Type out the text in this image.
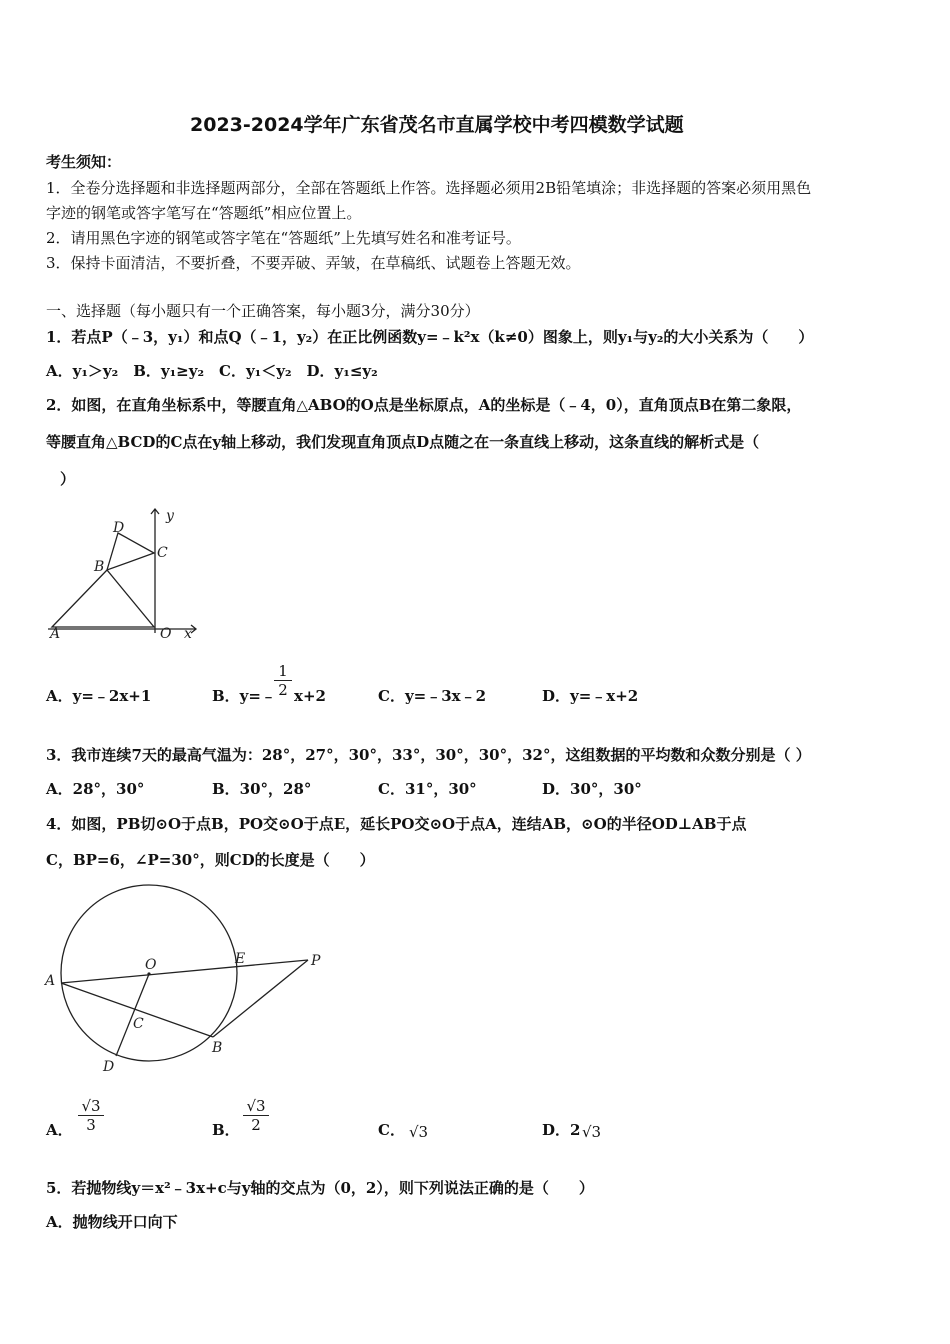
2023-2024学年广东省茂名市直属学校中考四模数学试题
考生须知：
1．全卷分选择题和非选择题两部分，全部在答题纸上作答。选择题必须用2B铅笔填涂；非选择题的答案必须用黑色
字迹的钢笔或答字笔写在“答题纸”相应位置上。
2．请用黑色字迹的钢笔或答字笔在“答题纸”上先填写姓名和准考证号。
3．保持卡面清洁，不要折叠，不要弄破、弄皱，在草稿纸、试题卷上答题无效。
一、选择题（每小题只有一个正确答案，每小题3分，满分30分）
1．若点P（﹣3，y₁）和点Q（﹣1，y₂）在正比例函数y=﹣k²x（k≠0）图象上，则y₁与y₂的大小关系为（　　）
A．y₁＞y₂　B．y₁≥y₂　C．y₁＜y₂　D．y₁≤y₂
2．如图，在直角坐标系中，等腰直角△ABO的O点是坐标原点，A的坐标是（﹣4，0），直角顶点B在第二象限，
等腰直角△BCD的C点在y轴上移动，我们发现直角顶点D点随之在一条直线上移动，这条直线的解析式是（
）
A
B
C
D
O x
y
A．y=﹣2x+1	B．y=﹣
$\frac{1}{2} x+2$	C．y=﹣3x﹣2	D．y=﹣x+2
3．我市连续7天的最高气温为：28°，27°，30°，33°，30°，30°，32°，这组数据的平均数和众数分别是（ ）
A．28°，30°	B．30°，28°	C．31°，30°	D．30°，30°
4．如图，PB切⊙O于点B，PO交⊙O于点E，延长PO交⊙O于点A，连结AB，⊙O的半径OD⊥AB于点
C，BP=6，∠P=30°，则CD的长度是（　　）
A
O	E	P
C
B
D
A． $\frac{√3}{3}$	B． $\frac{√3}{2}$	C． √3	D．2 √3
5．若抛物线y＝x²﹣3x+c与y轴的交点为（0，2），则下列说法正确的是（　　）
A．抛物线开口向下
